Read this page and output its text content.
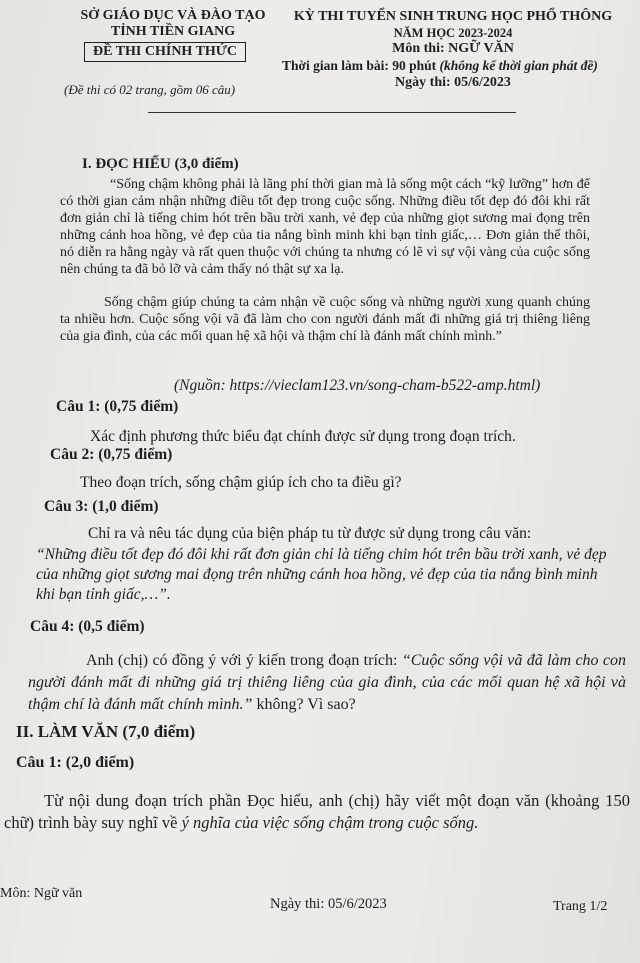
SỞ GIÁO DỤC VÀ ĐÀO TẠO
TỈNH TIỀN GIANG
ĐỀ THI CHÍNH THỨC
(Đề thi có 02 trang, gồm 06 câu)
KỲ THI TUYỂN SINH TRUNG HỌC PHỔ THÔNG
NĂM HỌC 2023-2024
Môn thi: NGỮ VĂN
Thời gian làm bài: 90 phút (không kể thời gian phát đề)
Ngày thi: 05/6/2023
I. ĐỌC HIỂU (3,0 điểm)
“Sống chậm không phải là lãng phí thời gian mà là sống một cách “kỹ lưỡng” hơn để có thời gian cảm nhận những điều tốt đẹp trong cuộc sống. Những điều tốt đẹp đó đôi khi rất đơn giản chỉ là tiếng chim hót trên bầu trời xanh, vẻ đẹp của những giọt sương mai đọng trên những cánh hoa hồng, vẻ đẹp của tia nắng bình minh khi bạn tỉnh giấc,… Đơn giản thế thôi, nó diễn ra hằng ngày và rất quen thuộc với chúng ta nhưng có lẽ vì sự vội vàng của cuộc sống nên chúng ta đã bỏ lỡ và cảm thấy nó thật sự xa lạ.
Sống chậm giúp chúng ta cảm nhận về cuộc sống và những người xung quanh chúng ta nhiều hơn. Cuộc sống vội vã đã làm cho con người đánh mất đi những giá trị thiêng liêng của gia đình, của các mối quan hệ xã hội và thậm chí là đánh mất chính mình.”
(Nguồn: https://vieclam123.vn/song-cham-b522-amp.html)
Câu 1: (0,75 điểm)
Xác định phương thức biểu đạt chính được sử dụng trong đoạn trích.
Câu 2: (0,75 điểm)
Theo đoạn trích, sống chậm giúp ích cho ta điều gì?
Câu 3: (1,0 điểm)
Chỉ ra và nêu tác dụng của biện pháp tu từ được sử dụng trong câu văn:
“Những điều tốt đẹp đó đôi khi rất đơn giản chỉ là tiếng chim hót trên bầu trời xanh, vẻ đẹp của những giọt sương mai đọng trên những cánh hoa hồng, vẻ đẹp của tia nắng bình minh khi bạn tỉnh giấc,…”.
Câu 4: (0,5 điểm)
Anh (chị) có đồng ý với ý kiến trong đoạn trích: “Cuộc sống vội vã đã làm cho con người đánh mất đi những giá trị thiêng liêng của gia đình, của các mối quan hệ xã hội và thậm chí là đánh mất chính mình.” không? Vì sao?
II. LÀM VĂN (7,0 điểm)
Câu 1: (2,0 điểm)
Từ nội dung đoạn trích phần Đọc hiểu, anh (chị) hãy viết một đoạn văn (khoảng 150 chữ) trình bày suy nghĩ về ý nghĩa của việc sống chậm trong cuộc sống.
Môn: Ngữ văn
Ngày thi: 05/6/2023	Trang 1/2
